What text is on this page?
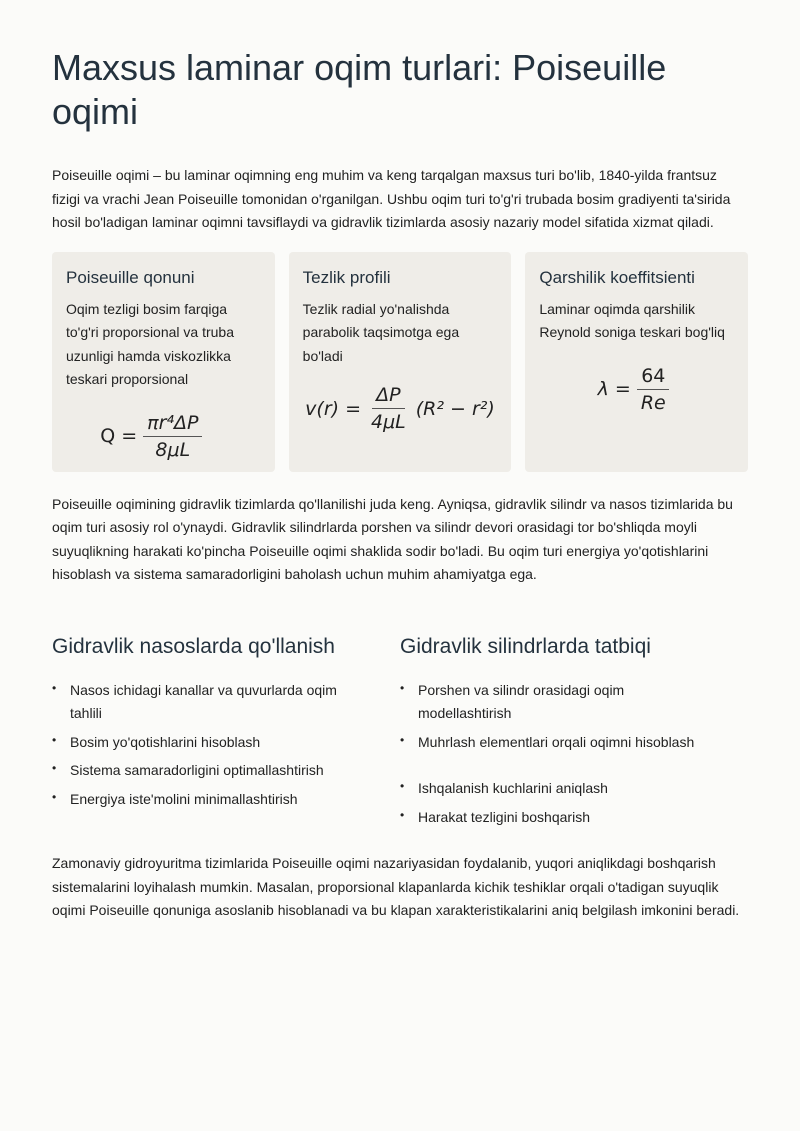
Maxsus laminar oqim turlari: Poiseuille oqimi

Poiseuille oqimi – bu laminar oqimning eng muhim va keng tarqalgan maxsus turi bo'lib, 1840-yilda frantsuz fizigi va vrachi Jean Poiseuille tomonidan o'rganilgan. Ushbu oqim turi to'g'ri trubada bosim gradiyenti ta'sirida hosil bo'ladigan laminar oqimni tavsiflaydi va gidravlik tizimlarda asosiy nazariy model sifatida xizmat qiladi.

Poiseuille qonuni
Oqim tezligi bosim farqiga to'g'ri proporsional va truba uzunligi hamda viskozlikka teskari proporsional
$Q = \frac{\text{πr⁴ΔP}}{8\mu L}$
Tezlik profili
Tezlik radial yo'nalishda parabolik taqsimotga ega bo'ladi
$v(r) = \frac{\Delta P}{4\mu L} (R^2 - r^2)$
Qarshilik koeffitsienti
Laminar oqimda qarshilik Reynold soniga teskari bog'liq
$\lambda = \frac{64}{Re}$

Poiseuille oqimining gidravlik tizimlarda qo'llanilishi juda keng. Ayniqsa, gidravlik silindr va nasos tizimlarida bu oqim turi asosiy rol o'ynaydi. Gidravlik silindrlarda porshen va silindr devori orasidagi tor bo'shliqda moyli suyuqlikning harakati ko'pincha Poiseuille oqimi shaklida sodir bo'ladi. Bu oqim turi energiya yo'qotishlarini hisoblash va sistema samaradorligini baholash uchun muhim ahamiyatga ega.

Gidravlik nasoslarda qo'llanish
• Nasos ichidagi kanallar va quvurlarda oqim tahlili
• Bosim yo'qotishlarini hisoblash
• Sistema samaradorligini optimallashtirish
• Energiya iste'molini minimallashtirish
Gidravlik silindrlarda tatbiqi
• Porshen va silindr orasidagi oqim modellashtirish
• Muhrlash elementlari orqali oqimni hisoblash
• Ishqalanish kuchlarini aniqlash
• Harakat tezligini boshqarish

Zamonaviy gidroyuritma tizimlarida Poiseuille oqimi nazariyasidan foydalanib, yuqori aniqlikdagi boshqarish sistemalarini loyihalash mumkin. Masalan, proporsional klapanlarda kichik teshiklar orqali o'tadigan suyuqlik oqimi Poiseuille qonuniga asoslanib hisoblanadi va bu klapan xarakteristikalarini aniq belgilash imkonini beradi.
